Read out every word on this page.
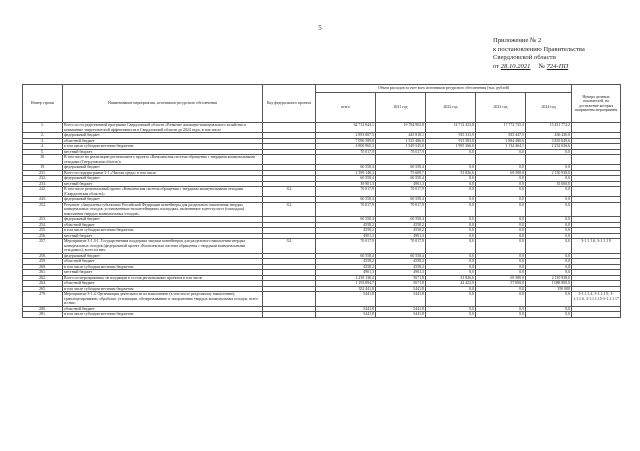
5
Приложение № 2
к постановлению Правительства
Свердловской области
от 28.10.2021 № 724-ПП
Номер строки	Наименование мероприятия, источников ресурсного обеспечения	Код федерального проекта	Объем расходов за счет всех источников ресурсного обеспечения (тыс. рублей)					Номера целевых показателей, на достижение которых направлены мероприятия
			всего	2021 год	2022 год	2023 год	2024 год	
1.	Всего по государственной программе Свердловской области «Развитие жилищно-коммунального хозяйства и повышение энергетической эффективности в Свердловской области до 2024 года» в том числе		62 712 044,1	19 784 902,8	14 712 433,8	17 772 735,3	15 431 772,2	
2.	федеральный бюджет		2 893 007,5	445 818,1	935 313,9	835 447,5	436 430,0	
3.	областной бюджет		7 096 589,8	1 525 486,0	913 583,8	1 884 480,6	3 835 849,6	
4.	в том числе субсидии местным бюджетам		4 806 965,3	1 549 545,0	1 995 366,0	1 134 464,1	2 232 636,6	
5.	местный бюджет		70 017,9	70 017,9	0,0	0,0	0,0	
18.	В том числе на реализацию регионального проекта «Комплексная система обращения с твердыми коммунальными отходами (Свердловская область)»							
19.	федеральный бюджет		60 558,4	60 558,4	0,0	0,0	0,0	
231.	Всего по подпрограмме 3-1 «Чистая среда» в том числе		2 399 148,3	75 608,7	53 826,6	69 580,0	2 150 938,0	
232.	федеральный бюджет		60 558,4	60 558,4	0,0	0,0	0,0	
233.	местный бюджет		39 901,3	4901,3	0,0	0,0	35 000,0	
242.	В том числе региональный проект «Комплексная система обращения с твердыми коммунальными отходами (Свердловская область)»	G2	70 017,9	70 017,9	0,0	0,0	0,0	
243.	федеральный бюджет		60 558,4	60 558,4	0,0	0,0	0,0	
252.	Результат «Закуплены субъектами Российской Федерации контейнеры для раздельного накопления твердых коммунальных отходов, установленные на контейнерных площадках, включенные в реестр мест (площадок) накопления твердых коммунальных отходов»	G2	70 017,9	70 017,9	0,0	0,0	0,0	
253.	федеральный бюджет		60 558,4	60 558,4	0,0	0,0	0,0	
254.	областной бюджет		4558,2	4558,2	0,0	0,0	0,0	
255.	в том числе субсидии местным бюджетам		4558,2	4558,2	0,0	0,0	0,0	
256.	местный бюджет		4901,3	4901,3	0,0	0,0	0,0	
257.	Мероприятие 3-1.4-1. Государственная поддержка закупки контейнеров для раздельного накопления твердых коммунальных отходов (федеральный проект «Комплексная система обращения с твердыми коммунальными отходами»), всего из них:	G2	70 017,9	70 017,9	0,0	0,0	0,0	3-1.1.1.6, 3-1.1.1.9
258.	федеральный бюджет		60 558,4	60 558,4	0,0	0,0	0,0	
259.	областной бюджет		4558,2	4558,2	0,0	0,0	0,0	
260.	в том числе субсидии местным бюджетам		4558,2	4558,2	0,0	0,0	0,0	
261.	местный бюджет		4901,3	4901,3	0,0	0,0	0,0	
262.	Всего по мероприятиям, не входящим в состав региональных проектов в том числе		2 239 130,4	5671,8	53 826,6	69 580,0	2 110 938,0	
264.	областной бюджет		1 193 894,7	5671,8	42 422,9	57 000,0	1 088 800,0	
265.	в том числе субсидии местным бюджетам		352 441,8	5441,8	0,0	0,0	350 000	
279.	Мероприятие 3-1.4. Организация деятельности по накоплению (в том числе раздельному накоплению), транспортированию, обработке, утилизации, обезвреживанию и захоронению твердых коммунальных отходов, всего из них:		5441,8	5441,8	0,0	0,0	0,0	3-1.1.1.4, 3-1.1.1.9, 3-1.1.1.6, 3-1.1.1.15-3-1.1.1.17
280.	областной бюджет		5441,8	5441,8	0,0	0,0	0,0	
281.	в том числе субсидии местным бюджетам		5441,8	5441,8	0,0	0,0	0,0	
